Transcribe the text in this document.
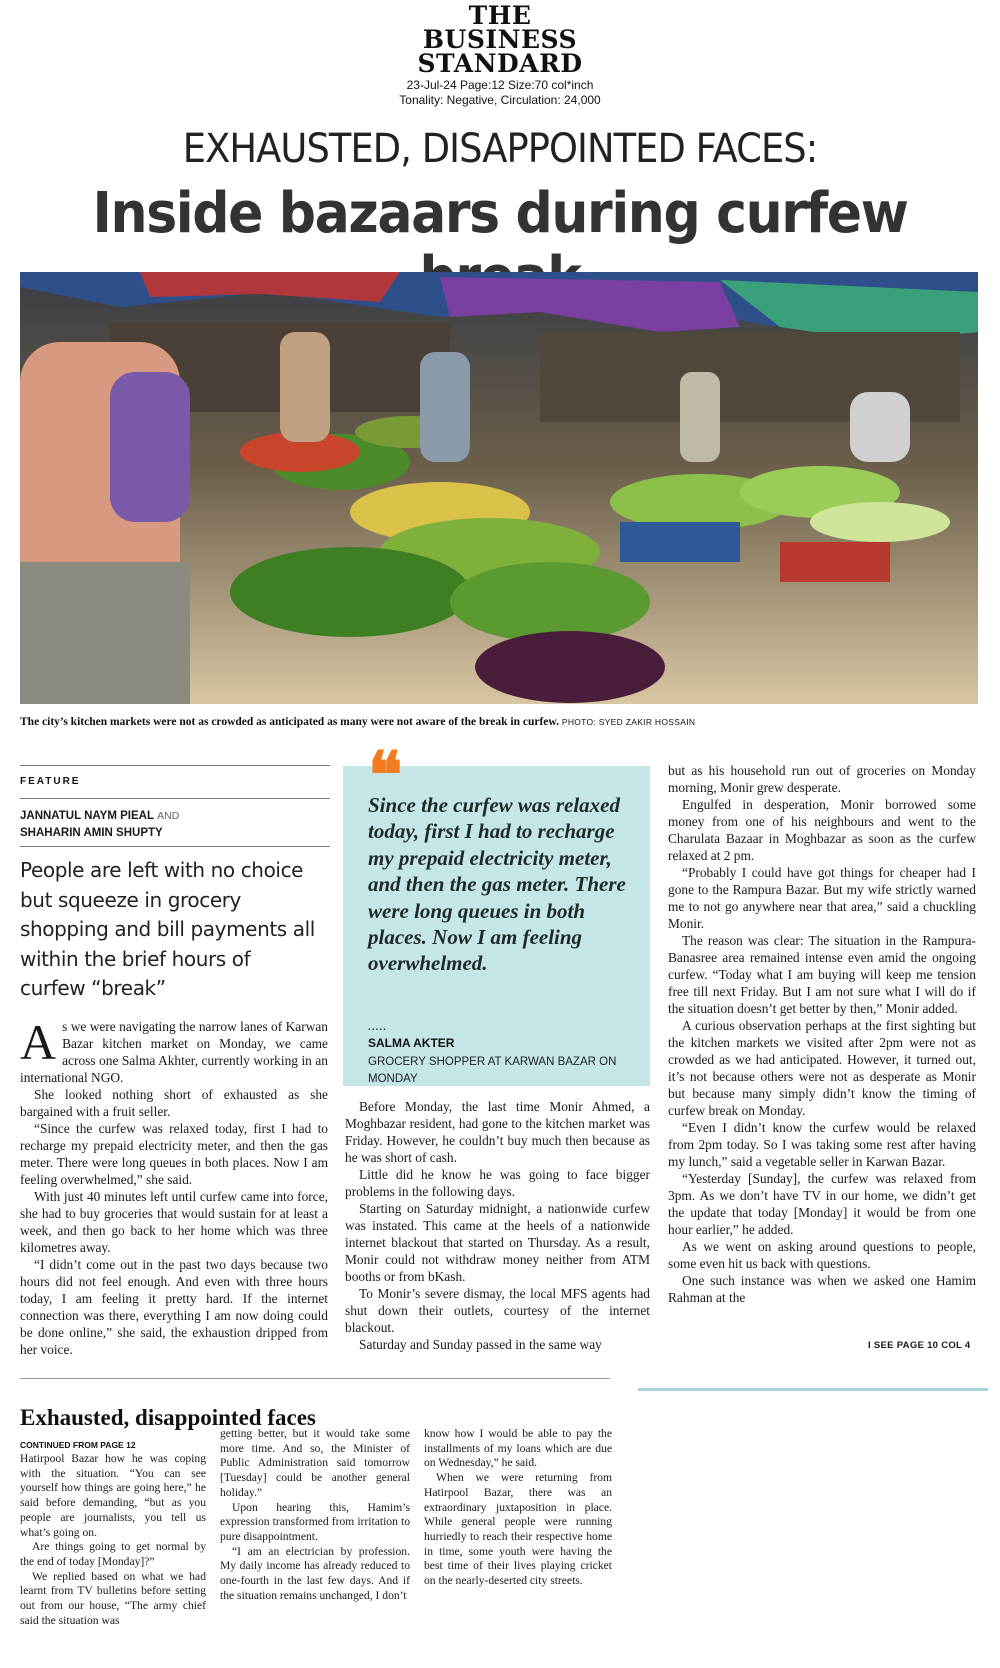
THE
BUSINESS
STANDARD
23-Jul-24 Page:12 Size:70 col*inch
Tonality: Negative, Circulation: 24,000
EXHAUSTED, DISAPPOINTED FACES:
Inside bazaars during curfew
The city’s kitchen markets were not as crowded as anticipated as many were not aware of the break in curfew. PHOTO: SYED ZAKIR HOSSAIN
FEATURE
JANNATUL NAYM PIEAL AND
SHAHARIN AMIN SHUPTY
People are left with no choice but squeeze in grocery shopping and bill payments all within the brief hours of curfew “break”

As we were navigating the narrow lanes of Karwan Bazar kitchen market on Monday, we came across one Salma Akhter, currently working in an international NGO.

She looked nothing short of exhausted as she bargained with a fruit seller.

“Since the curfew was relaxed today, first I had to recharge my prepaid electricity meter, and then the gas meter. There were long queues in both places. Now I am feeling overwhelmed,” she said.

With just 40 minutes left until curfew came into force, she had to buy groceries that would sustain for at least a week, and then go back to her home which was three kilometres away.

“I didn’t come out in the past two days because two hours did not feel enough. And even with three hours today, I am feeling it pretty hard. If the internet connection was there, everything I am now doing could be done online,” she said, the exhaustion dripped from her voice.

❝
Since the curfew was relaxed today, first I had to recharge my prepaid electricity meter, and then the gas meter. There were long queues in both places. Now I am feeling overwhelmed.
.....
SALMA AKTER
GROCERY SHOPPER AT KARWAN BAZAR ON MONDAY

Before Monday, the last time Monir Ahmed, a Moghbazar resident, had gone to the kitchen market was Friday. However, he couldn’t buy much then because as he was short of cash.

Little did he know he was going to face bigger problems in the following days.

Starting on Saturday midnight, a nationwide curfew was instated. This came at the heels of a nationwide internet blackout that started on Thursday. As a result, Monir could not withdraw money neither from ATM booths or from bKash.

To Monir’s severe dismay, the local MFS agents had shut down their outlets, courtesy of the internet blackout.

Saturday and Sunday passed in the same way

but as his household run out of groceries on Monday morning, Monir grew desperate.

Engulfed in desperation, Monir borrowed some money from one of his neighbours and went to the Charulata Bazaar in Moghbazar as soon as the curfew relaxed at 2 pm.

“Probably I could have got things for cheaper had I gone to the Rampura Bazar. But my wife strictly warned me to not go anywhere near that area,” said a chuckling Monir.

The reason was clear: The situation in the Rampura-Banasree area remained intense even amid the ongoing curfew. “Today what I am buying will keep me tension free till next Friday. But I am not sure what I will do if the situation doesn’t get better by then,” Monir added.

A curious observation perhaps at the first sighting but the kitchen markets we visited after 2pm were not as crowded as we had anticipated. However, it turned out, it’s not because others were not as desperate as Monir but because many simply didn’t know the timing of curfew break on Monday.

“Even I didn’t know the curfew would be relaxed from 2pm today. So I was taking some rest after having my lunch,” said a vegetable seller in Karwan Bazar.

“Yesterday [Sunday], the curfew was relaxed from 3pm. As we don’t have TV in our home, we didn’t get the update that today [Monday] it would be from one hour earlier,” he added.

As we went on asking around questions to people, some even hit us back with questions.

One such instance was when we asked one Hamim Rahman at the

I SEE PAGE 10 COL 4
Exhausted, disappointed faces
CONTINUED FROM PAGE 12

Hatirpool Bazar how he was coping with the situation. “You can see yourself how things are going here,” he said before demanding, “but as you people are journalists, you tell us what’s going on.

Are things going to get normal by the end of today [Monday]?”

We replied based on what we had learnt from TV bulletins before setting out from our house, “The army chief said the situation was

getting better, but it would take some more time. And so, the Minister of Public Administration said tomorrow [Tuesday] could be another general holiday.”

Upon hearing this, Hamim’s expression transformed from irritation to pure disappointment.

“I am an electrician by profession. My daily income has already reduced to one-fourth in the last few days. And if the situation remains unchanged, I don’t

know how I would be able to pay the installments of my loans which are due on Wednesday,” he said.

When we were returning from Hatirpool Bazar, there was an extraordinary juxtaposition in place. While general people were running hurriedly to reach their respective home in time, some youth were having the best time of their lives playing cricket on the nearly-deserted city streets.
